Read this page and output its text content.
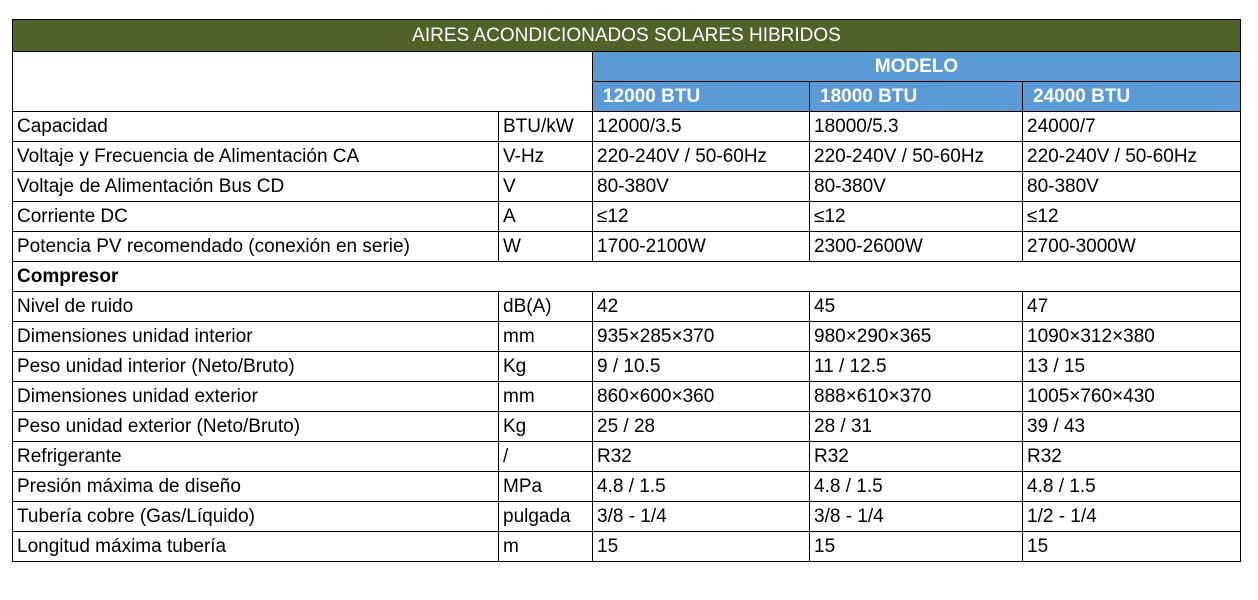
AIRES ACONDICIONADOS SOLARES HIBRIDOS				
		MODELO		
		12000 BTU	18000 BTU	24000 BTU
Capacidad	BTU/kW	12000/3.5	18000/5.3	24000/7
Voltaje y Frecuencia de Alimentación CA	V-Hz	220-240V / 50-60Hz	220-240V / 50-60Hz	220-240V / 50-60Hz
Voltaje de Alimentación Bus CD	V	80-380V	80-380V	80-380V
Corriente DC	A	≤12	≤12	≤12
Potencia PV recomendado (conexión en serie)	W	1700-2100W	2300-2600W	2700-3000W
Compresor				
Nivel de ruido	dB(A)	42	45	47
Dimensiones unidad interior	mm	935×285×370	980×290×365	1090×312×380
Peso unidad interior (Neto/Bruto)	Kg	9 / 10.5	11 / 12.5	13 / 15
Dimensiones unidad exterior	mm	860×600×360	888×610×370	1005×760×430
Peso unidad exterior (Neto/Bruto)	Kg	25 / 28	28 / 31	39 / 43
Refrigerante	/	R32	R32	R32
Presión máxima de diseño	MPa	4.8 / 1.5	4.8 / 1.5	4.8 / 1.5
Tubería cobre (Gas/Líquido)	pulgada	3/8 - 1/4	3/8 - 1/4	1/2 - 1/4
Longitud máxima tubería	m	15	15	15
